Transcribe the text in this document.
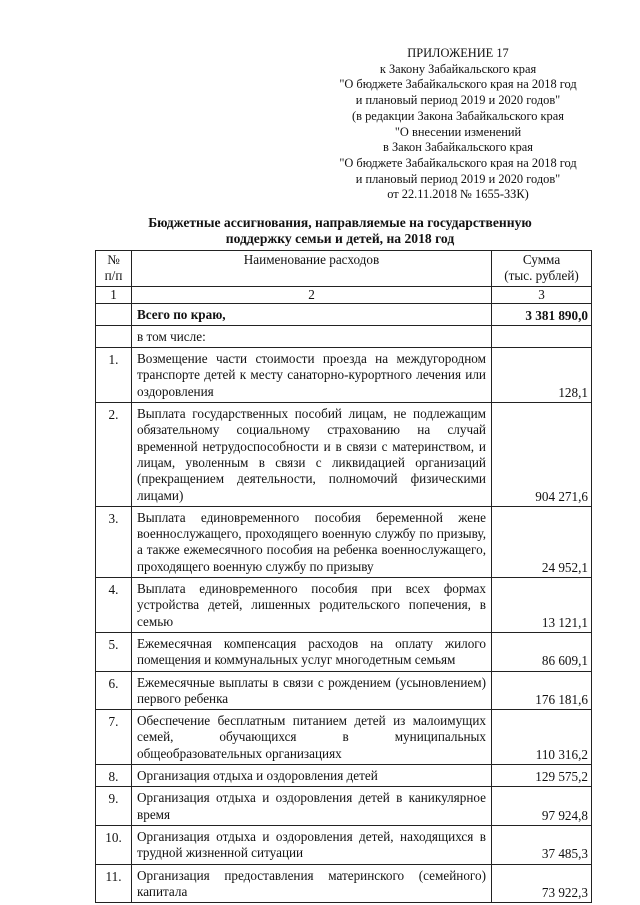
ПРИЛОЖЕНИЕ 17
к Закону Забайкальского края
"О бюджете Забайкальского края на 2018 год
и плановый период 2019 и 2020 годов"
(в редакции Закона Забайкальского края
"О внесении изменений
в Закон Забайкальского края
"О бюджете Забайкальского края на 2018 год
и плановый период 2019 и 2020 годов"
от 22.11.2018 № 1655-ЗЗК)
Бюджетные ассигнования, направляемые на государственную
поддержку семьи и детей, на 2018 год
№
п/п	Наименование расходов	Сумма
(тыс. рублей)
1	2	3
	Всего по краю,	3 381 890,0
	в том числе:	
1.	Возмещение части стоимости проезда на междугородном транспорте детей к месту санаторно-курортного лечения или оздоровления	128,1
2.	Выплата государственных пособий лицам, не подлежащим обязательному социальному страхованию на случай временной нетрудоспособности и в связи с материнством, и лицам, уволенным в связи с ликвидацией организаций (прекращением деятельности, полномочий физическими лицами)	904 271,6
3.	Выплата единовременного пособия беременной жене военнослужащего, проходящего военную службу по призыву, а также ежемесячного пособия на ребенка военнослужащего, проходящего военную службу по призыву	24 952,1
4.	Выплата единовременного пособия при всех формах устройства детей, лишенных родительского попечения, в семью	13 121,1
5.	Ежемесячная компенсация расходов на оплату жилого помещения и коммунальных услуг многодетным семьям	86 609,1
6.	Ежемесячные выплаты в связи с рождением (усыновлением) первого ребенка	176 181,6
7.	Обеспечение бесплатным питанием детей из малоимущих семей, обучающихся в муниципальных общеобразовательных организациях	110 316,2
8.	Организация отдыха и оздоровления детей	129 575,2
9.	Организация отдыха и оздоровления детей в каникулярное время	97 924,8
10.	Организация отдыха и оздоровления детей, находящихся в трудной жизненной ситуации	37 485,3
11.	Организация предоставления материнского (семейного) капитала	73 922,3
